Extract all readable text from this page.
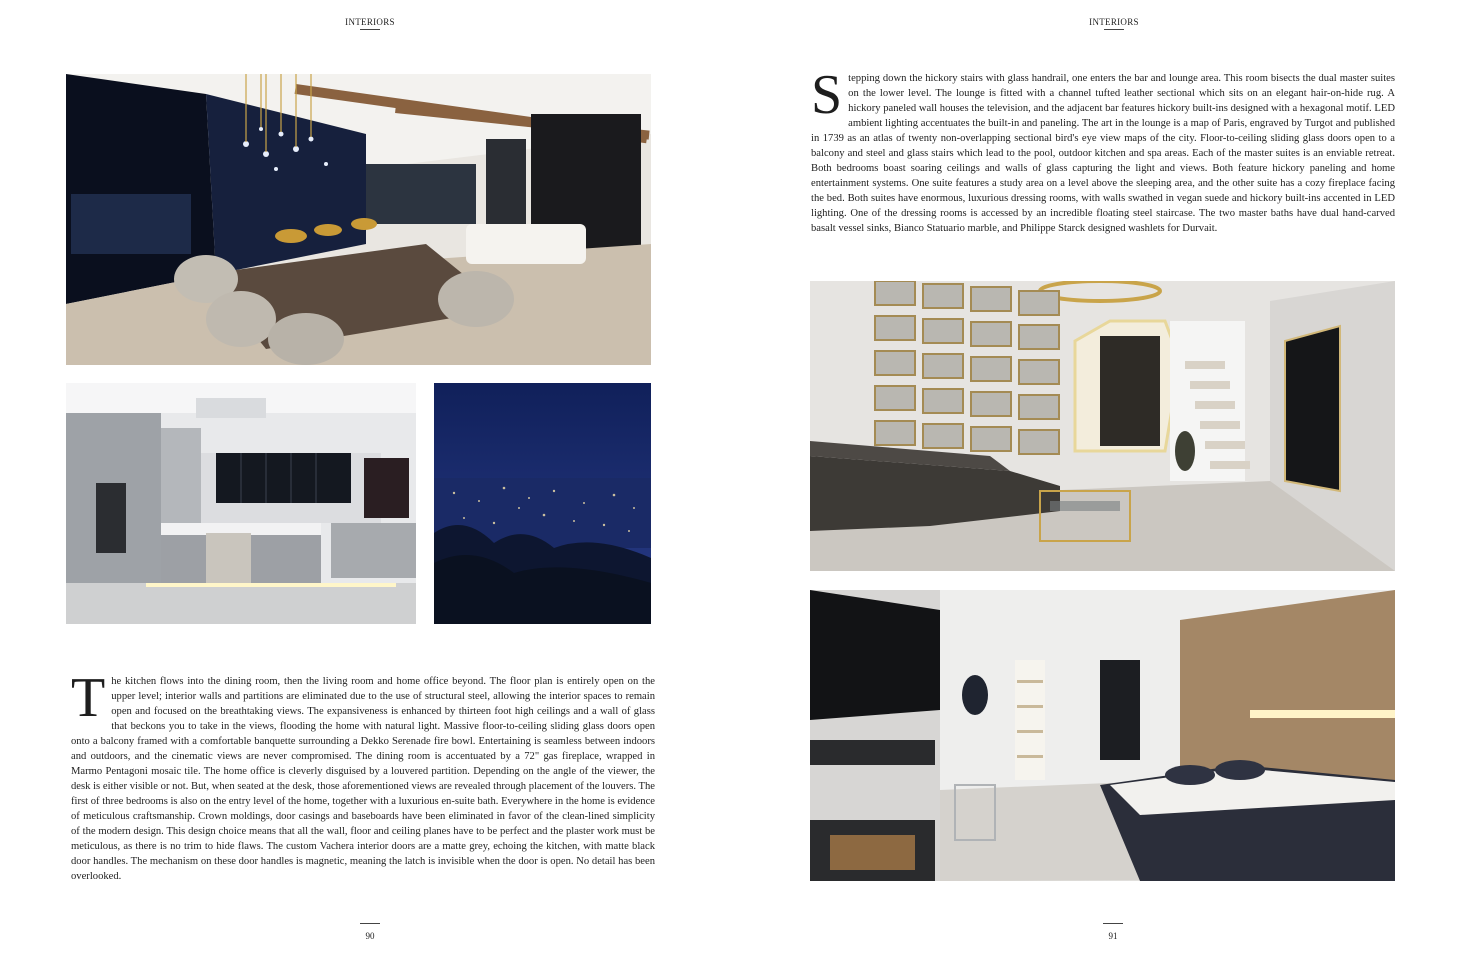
INTERIORS
T he kitchen flows into the dining room, then the living room and home office beyond. The floor plan is entirely open on the upper level; interior walls and partitions are eliminated due to the use of structural steel, allowing the interior spaces to remain open and focused on the breathtaking views. The expansiveness is enhanced by thirteen foot high ceilings and a wall of glass that beckons you to take in the views, flooding the home with natural light. Massive floor-to-ceiling sliding glass doors open onto a balcony framed with a comfortable banquette surrounding a Dekko Serenade fire bowl. Entertaining is seamless between indoors and outdoors, and the cinematic views are never compromised. The dining room is accentuated by a 72" gas fireplace, wrapped in Marmo Pentagoni mosaic tile. The home office is cleverly disguised by a louvered partition. Depending on the angle of the viewer, the desk is either visible or not. But, when seated at the desk, those aforementioned views are revealed through placement of the louvers. The first of three bedrooms is also on the entry level of the home, together with a luxurious en-suite bath. Everywhere in the home is evidence of meticulous craftsmanship. Crown moldings, door casings and baseboards have been eliminated in favor of the clean-lined simplicity of the modern design. This design choice means that all the wall, floor and ceiling planes have to be perfect and the plaster work must be meticulous, as there is no trim to hide flaws. The custom Vachera interior doors are a matte grey, echoing the kitchen, with matte black door handles. The mechanism on these door handles is magnetic, meaning the latch is invisible when the door is open. No detail has been overlooked.
90
INTERIORS
S tepping down the hickory stairs with glass handrail, one enters the bar and lounge area. This room bisects the dual master suites on the lower level. The lounge is fitted with a channel tufted leather sectional which sits on an elegant hair-on-hide rug. A hickory paneled wall houses the television, and the adjacent bar features hickory built-ins designed with a hexagonal motif. LED ambient lighting accentuates the built-in and paneling. The art in the lounge is a map of Paris, engraved by Turgot and published in 1739 as an atlas of twenty non-overlapping sectional bird's eye view maps of the city. Floor-to-ceiling sliding glass doors open to a balcony and steel and glass stairs which lead to the pool, outdoor kitchen and spa areas. Each of the master suites is an enviable retreat. Both bedrooms boast soaring ceilings and walls of glass capturing the light and views. Both feature hickory paneling and home entertainment systems. One suite features a study area on a level above the sleeping area, and the other suite has a cozy fireplace facing the bed. Both suites have enormous, luxurious dressing rooms, with walls swathed in vegan suede and hickory built-ins accented in LED lighting. One of the dressing rooms is accessed by an incredible floating steel staircase. The two master baths have dual hand-carved basalt vessel sinks, Bianco Statuario marble, and Philippe Starck designed washlets for Durvait.
91
